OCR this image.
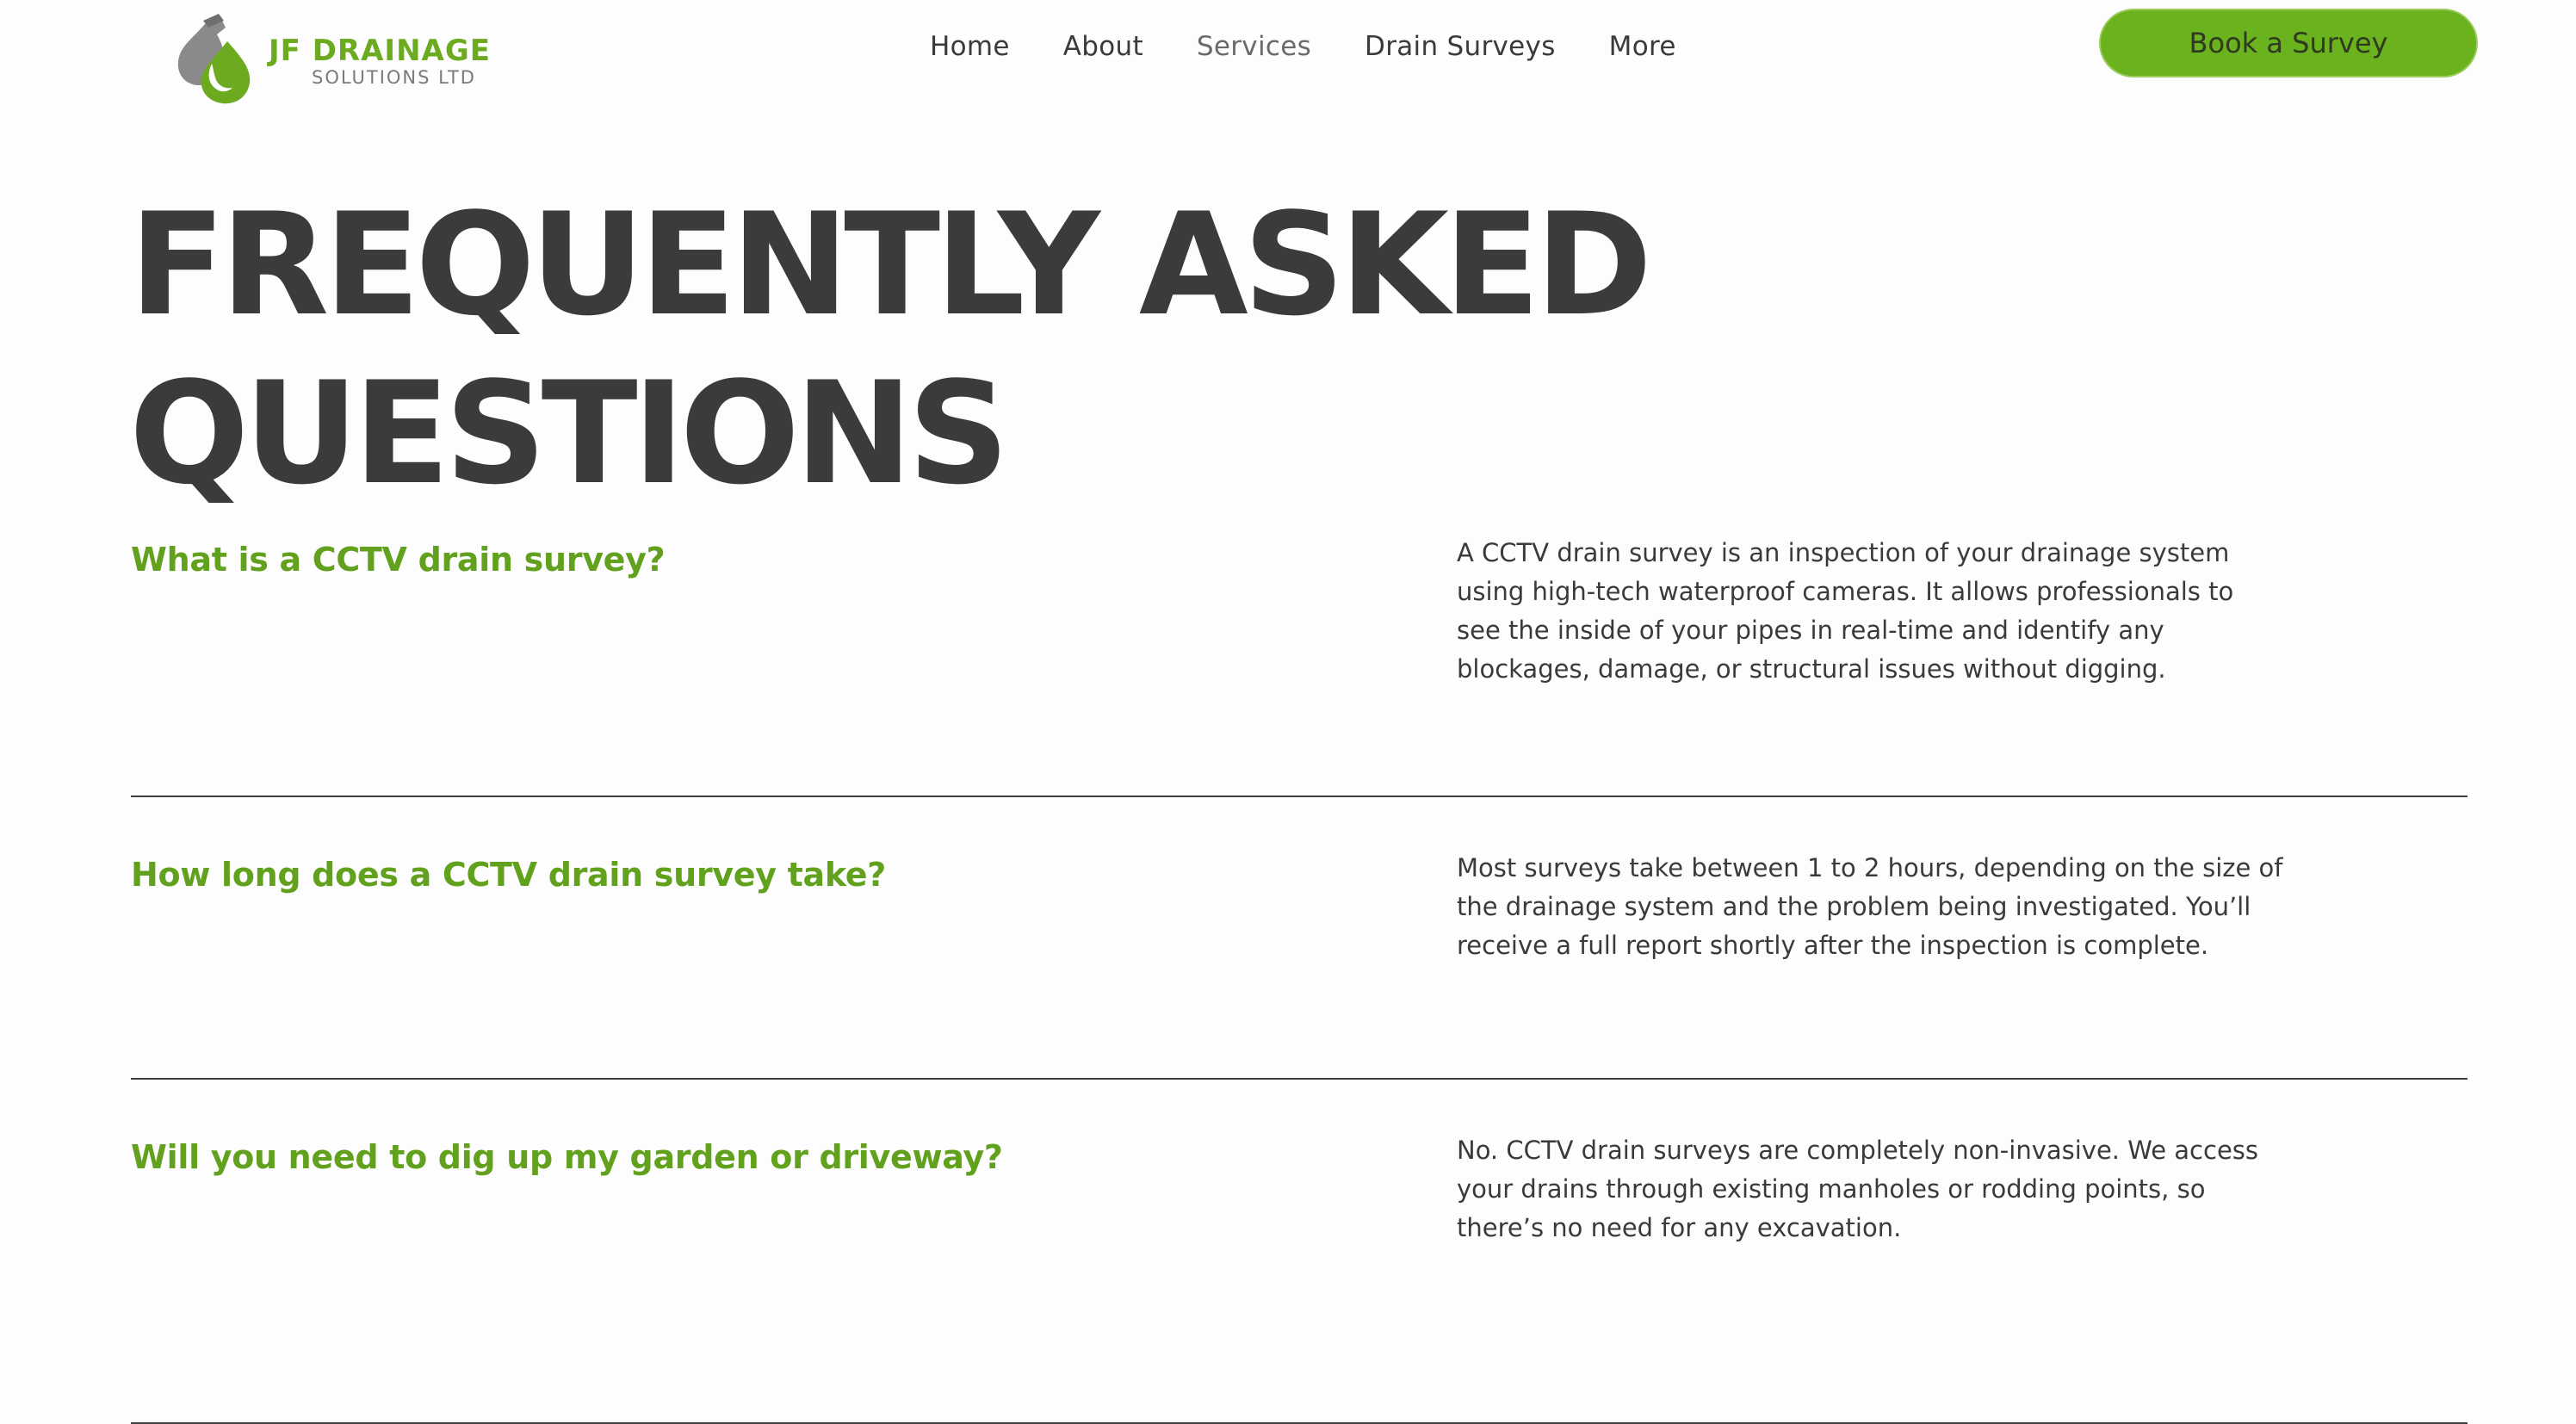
JF DRAINAGE
SOLUTIONS LTD
Home About Services Drain Surveys More	Book a Survey
FREQUENTLY ASKED
QUESTIONS
What is a CCTV drain survey?	A CCTV drain survey is an inspection of your drainage system using high-tech waterproof cameras. It allows professionals to see the inside of your pipes in real-time and identify any blockages, damage, or structural issues without digging.

How long does a CCTV drain survey take?	Most surveys take between 1 to 2 hours, depending on the size of the drainage system and the problem being investigated. You’ll receive a full report shortly after the inspection is complete.

Will you need to dig up my garden or driveway?	No. CCTV drain surveys are completely non-invasive. We access your drains through existing manholes or rodding points, so there’s no need for any excavation.
